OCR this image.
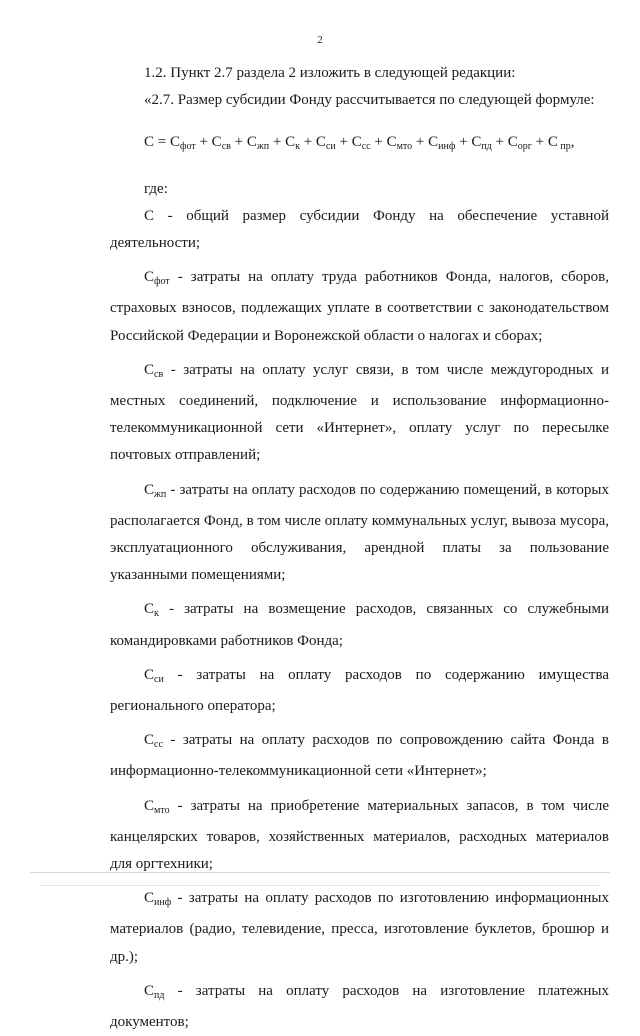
2

1.2. Пункт 2.7 раздела 2 изложить в следующей редакции:

«2.7. Размер субсидии Фонду рассчитывается по следующей формуле:

$С = С_{фот} + С_{св} + С_{жп} + С_к + С_{си} + С_{сс} + С_{мто} + С_{инф} + С_{пд} + С_{орг} + С$ $_{пр}$,

где:

С - общий размер субсидии Фонду на обеспечение уставной деятельности;

$С_{фот}$ - затраты на оплату труда работников Фонда, налогов, сборов, страховых взносов, подлежащих уплате в соответствии с законодательством Российской Федерации и Воронежской области о налогах и сборах;

$С_{св}$ - затраты на оплату услуг связи, в том числе междугородных и местных соединений, подключение и использование информационно-телекоммуникационной сети «Интернет», оплату услуг по пересылке почтовых отправлений;

$С_{жп}$ - затраты на оплату расходов по содержанию помещений, в которых располагается Фонд, в том числе оплату коммунальных услуг, вывоза мусора, эксплуатационного обслуживания, арендной платы за пользование указанными помещениями;

$С_к$ - затраты на возмещение расходов, связанных со служебными командировками работников Фонда;

$С_{си}$ - затраты на оплату расходов по содержанию имущества регионального оператора;

$С_{сс}$ - затраты на оплату расходов по сопровождению сайта Фонда в информационно-телекоммуникационной сети «Интернет»;

$С_{мто}$ - затраты на приобретение материальных запасов, в том числе канцелярских товаров, хозяйственных материалов, расходных материалов для оргтехники;

$С_{инф}$ - затраты на оплату расходов по изготовлению информационных материалов (радио, телевидение, пресса, изготовление буклетов, брошюр и др.);

$С_{пд}$ - затраты на оплату расходов на изготовление платежных документов;
